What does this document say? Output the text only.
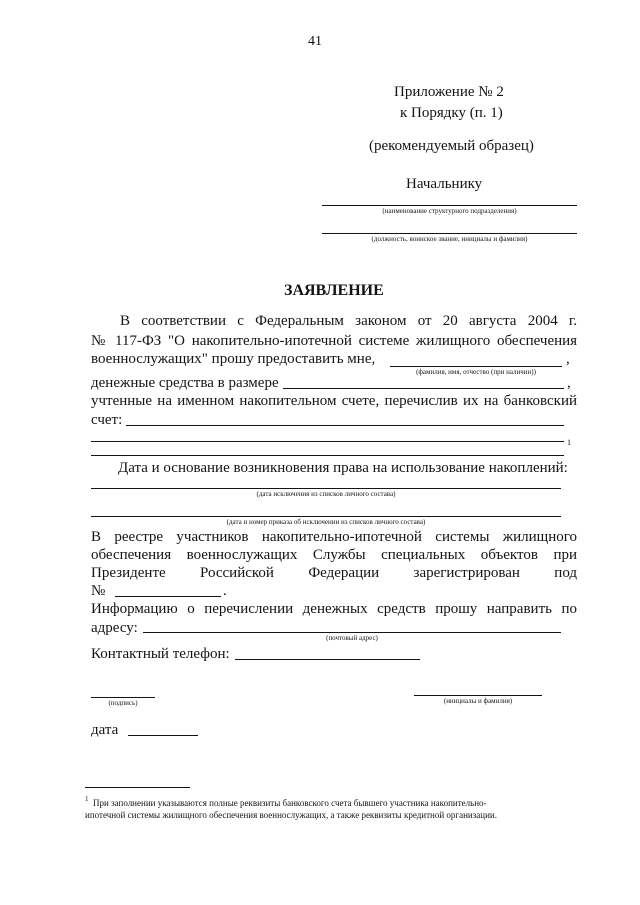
41
Приложение № 2
к Порядку (п. 1)
(рекомендуемый образец)
Начальнику
(наименование структурного подразделения)
(должность, воинское звание, инициалы и фамилия)
ЗАЯВЛЕНИЕ
В соответствии с Федеральным законом от 20 августа 2004 г.
№ 117-ФЗ "О накопительно-ипотечной системе жилищного обеспечения
военнослужащих" прошу предоставить мне,	,
(фамилия, имя, отчество (при наличии))
денежные средства в размере	,
учтенные на именном накопительном счете, перечислив их на банковский
счет:
1
Дата и основание возникновения права на использование накоплений:
(дата исключения из списков личного состава)
(дата и номер приказа об исключении из списков личного состава)
В реестре участников накопительно-ипотечной системы жилищного
обеспечения военнослужащих Службы специальных объектов при
Президенте Российской Федерации зарегистрирован под
№	.
Информацию о перечислении денежных средств прошу направить по
адресу:
(почтовый адрес)
Контактный телефон:
(подпись)	(инициалы и фамилия)
дата
1 При заполнении указываются полные реквизиты банковского счета бывшего участника накопительно-
ипотечной системы жилищного обеспечения военнослужащих, а также реквизиты кредитной организации.
